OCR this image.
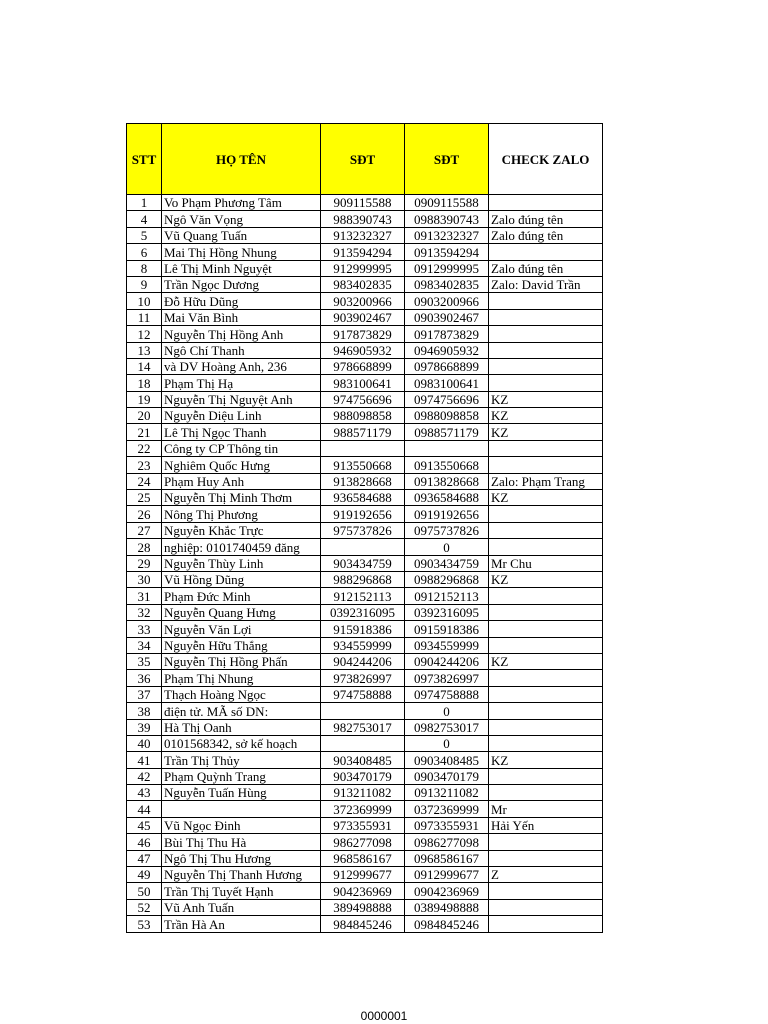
STT	HỌ TÊN	SĐT	SĐT	CHECK ZALO
1	Vo Phạm Phương Tâm	909115588	0909115588	
4	Ngô Văn Vọng	988390743	0988390743	Zalo đúng tên
5	Vũ Quang Tuấn	913232327	0913232327	Zalo đúng tên
6	Mai Thị Hồng Nhung	913594294	0913594294	
8	Lê Thị Minh Nguyệt	912999995	0912999995	Zalo đúng tên
9	Trần Ngọc Dương	983402835	0983402835	Zalo: David Trần
10	Đỗ Hữu Dũng	903200966	0903200966	
11	Mai Văn Bình	903902467	0903902467	
12	Nguyễn Thị Hồng Anh	917873829	0917873829	
13	Ngô Chí Thanh	946905932	0946905932	
14	và DV Hoàng Anh, 236	978668899	0978668899	
18	Phạm Thị Hạ	983100641	0983100641	
19	Nguyễn Thị Nguyệt Anh	974756696	0974756696	KZ
20	Nguyễn Diệu Linh	988098858	0988098858	KZ
21	Lê Thị Ngọc Thanh	988571179	0988571179	KZ
22	Công ty CP Thông tin			
23	Nghiêm Quốc Hưng	913550668	0913550668	
24	Phạm Huy Anh	913828668	0913828668	Zalo: Phạm Trang
25	Nguyễn Thị Minh Thơm	936584688	0936584688	KZ
26	Nông Thị Phương	919192656	0919192656	
27	Nguyễn Khắc Trực	975737826	0975737826	
28	nghiệp: 0101740459 đăng		0	
29	Nguyễn Thùy Linh	903434759	0903434759	Mr Chu
30	Vũ Hồng Dũng	988296868	0988296868	KZ
31	Phạm Đức Minh	912152113	0912152113	
32	Nguyễn Quang Hưng	0392316095	0392316095	
33	Nguyễn Văn Lợi	915918386	0915918386	
34	Nguyễn Hữu Thắng	934559999	0934559999	
35	Nguyễn Thị Hồng Phấn	904244206	0904244206	KZ
36	Phạm Thị Nhung	973826997	0973826997	
37	Thạch Hoàng Ngọc	974758888	0974758888	
38	điện tử. MÃ số DN:		0	
39	Hà Thị Oanh	982753017	0982753017	
40	0101568342, sở kế hoạch		0	
41	Trần Thị Thủy	903408485	0903408485	KZ
42	Phạm Quỳnh Trang	903470179	0903470179	
43	Nguyễn Tuấn Hùng	913211082	0913211082	
44		372369999	0372369999	Mr
45	Vũ Ngọc Đinh	973355931	0973355931	Hải Yến
46	Bùi Thị Thu Hà	986277098	0986277098	
47	Ngô Thị Thu Hương	968586167	0968586167	
49	Nguyễn Thị Thanh Hương	912999677	0912999677	Z
50	Trần Thị Tuyết Hạnh	904236969	0904236969	
52	Vũ Anh Tuấn	389498888	0389498888	
53	Trần Hà An	984845246	0984845246	
0000001
